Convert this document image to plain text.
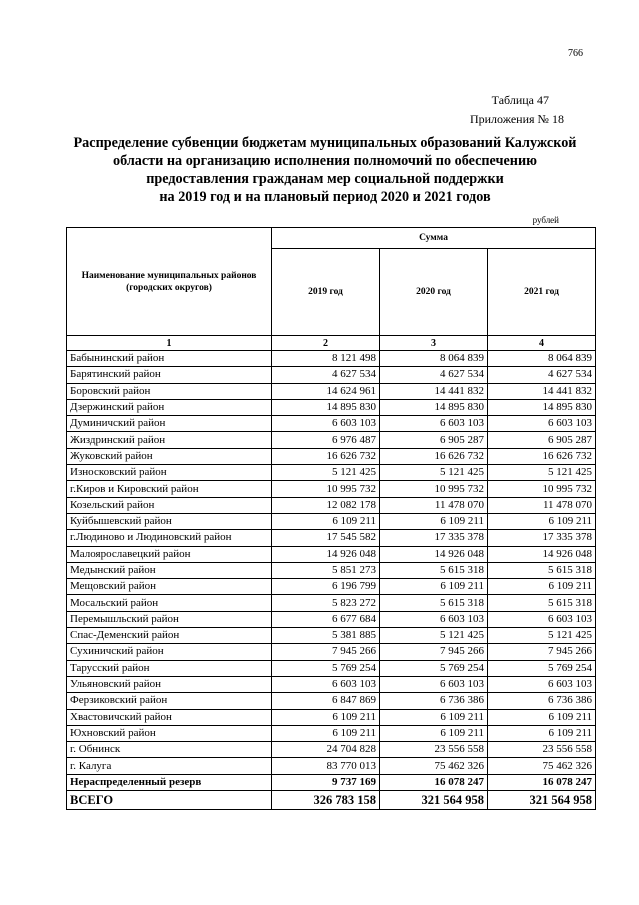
766
Таблица 47
Приложения № 18
Распределение субвенции бюджетам муниципальных образований Калужской
области на организацию исполнения полномочий по обеспечению
предоставления гражданам мер социальной поддержки
на 2019 год и на плановый период 2020 и 2021 годов
рублей
Наименование муниципальных районов (городских округов)	Сумма		
	2019 год	2020 год	2021 год
1	2	3	4
Бабынинский район	8 121 498	8 064 839	8 064 839
Барятинский район	4 627 534	4 627 534	4 627 534
Боровский район	14 624 961	14 441 832	14 441 832
Дзержинский район	14 895 830	14 895 830	14 895 830
Думиничский район	6 603 103	6 603 103	6 603 103
Жиздринский район	6 976 487	6 905 287	6 905 287
Жуковский район	16 626 732	16 626 732	16 626 732
Износковский район	5 121 425	5 121 425	5 121 425
г.Киров и Кировский район	10 995 732	10 995 732	10 995 732
Козельский район	12 082 178	11 478 070	11 478 070
Куйбышевский район	6 109 211	6 109 211	6 109 211
г.Людиново и Людиновский район	17 545 582	17 335 378	17 335 378
Малоярославецкий район	14 926 048	14 926 048	14 926 048
Медынский район	5 851 273	5 615 318	5 615 318
Мещовский район	6 196 799	6 109 211	6 109 211
Мосальский район	5 823 272	5 615 318	5 615 318
Перемышльский район	6 677 684	6 603 103	6 603 103
Спас-Деменский район	5 381 885	5 121 425	5 121 425
Сухиничский район	7 945 266	7 945 266	7 945 266
Тарусский район	5 769 254	5 769 254	5 769 254
Ульяновский район	6 603 103	6 603 103	6 603 103
Ферзиковский район	6 847 869	6 736 386	6 736 386
Хвастовичский район	6 109 211	6 109 211	6 109 211
Юхновский район	6 109 211	6 109 211	6 109 211
г. Обнинск	24 704 828	23 556 558	23 556 558
г. Калуга	83 770 013	75 462 326	75 462 326
Нераспределенный резерв	9 737 169	16 078 247	16 078 247
ВСЕГО	326 783 158	321 564 958	321 564 958
